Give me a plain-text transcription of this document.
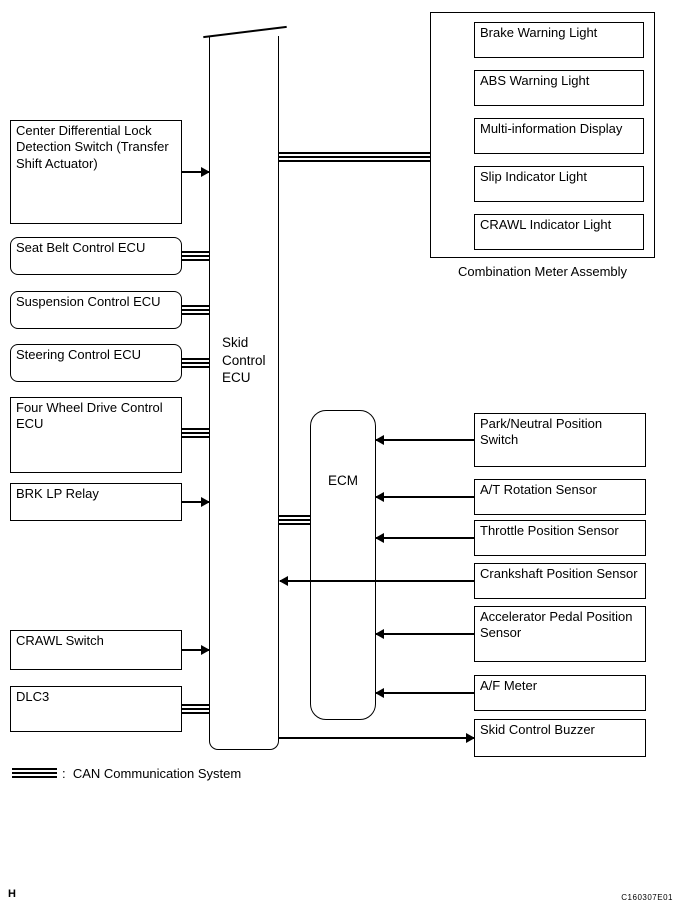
Skid Control ECU
Brake Warning Light
ABS Warning Light
Multi-information Display
Slip Indicator Light
CRAWL Indicator Light
Combination Meter Assembly
Center Differential Lock Detection Switch (Transfer Shift Actuator)
Seat Belt Control ECU
Suspension Control ECU
Steering Control ECU
Four Wheel Drive Control ECU
BRK LP Relay
CRAWL Switch
DLC3
ECM
Park/Neutral Position Switch
A/T Rotation Sensor
Throttle Position Sensor
Crankshaft Position Sensor
Accelerator Pedal Position Sensor
A/F Meter
Skid Control Buzzer
: CAN Communication System
H	C160307E01
